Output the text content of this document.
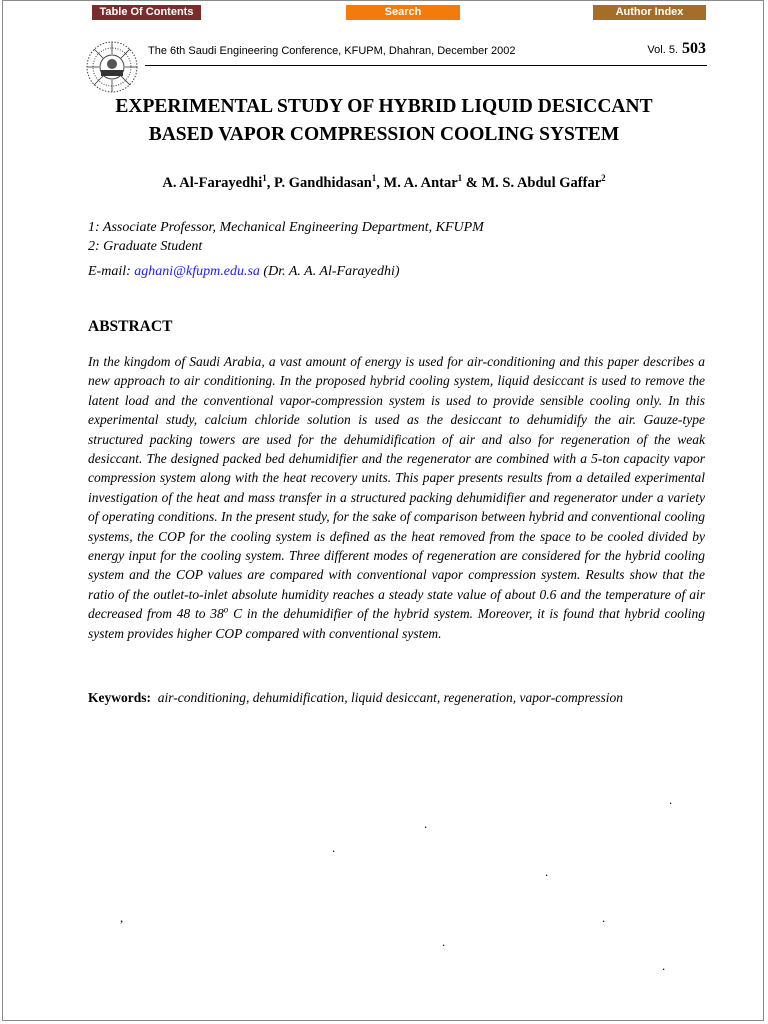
Table Of Contents	Search	Author Index
The 6th Saudi Engineering Conference, KFUPM, Dhahran, December 2002	Vol. 5. 503
EXPERIMENTAL STUDY OF HYBRID LIQUID DESICCANT
BASED VAPOR COMPRESSION COOLING SYSTEM
A. Al-Farayedhi$^1$, P. Gandhidasan$^1$, M. A. Antar$^1$ & M. S. Abdul Gaffar$^2$
1: Associate Professor, Mechanical Engineering Department, KFUPM
2: Graduate Student
E-mail: aghani@kfupm.edu.sa (Dr. A. A. Al-Farayedhi)
ABSTRACT

In the kingdom of Saudi Arabia, a vast amount of energy is used for air-conditioning and this paper describes a new approach to air conditioning. In the proposed hybrid cooling system, liquid desiccant is used to remove the latent load and the conventional vapor-compression system is used to provide sensible cooling only. In this experimental study, calcium chloride solution is used as the desiccant to dehumidify the air. Gauze-type structured packing towers are used for the dehumidification of air and also for regeneration of the weak desiccant. The designed packed bed dehumidifier and the regenerator are combined with a 5-ton capacity vapor compression system along with the heat recovery units. This paper presents results from a detailed experimental investigation of the heat and mass transfer in a structured packing dehumidifier and regenerator under a variety of operating conditions. In the present study, for the sake of comparison between hybrid and conventional cooling systems, the COP for the cooling system is defined as the heat removed from the space to be cooled divided by energy input for the cooling system. Three different modes of regeneration are considered for the hybrid cooling system and the COP values are compared with conventional vapor compression system. Results show that the ratio of the outlet-to-inlet absolute humidity reaches a steady state value of about 0.6 and the temperature of air decreased from 48 to 38$^o$ C in the dehumidifier of the hybrid system. Moreover, it is found that hybrid cooling system provides higher COP compared with conventional system.

Keywords: air-conditioning, dehumidification, liquid desiccant, regeneration, vapor-compression
.
.
.
.
,	.
.
.
